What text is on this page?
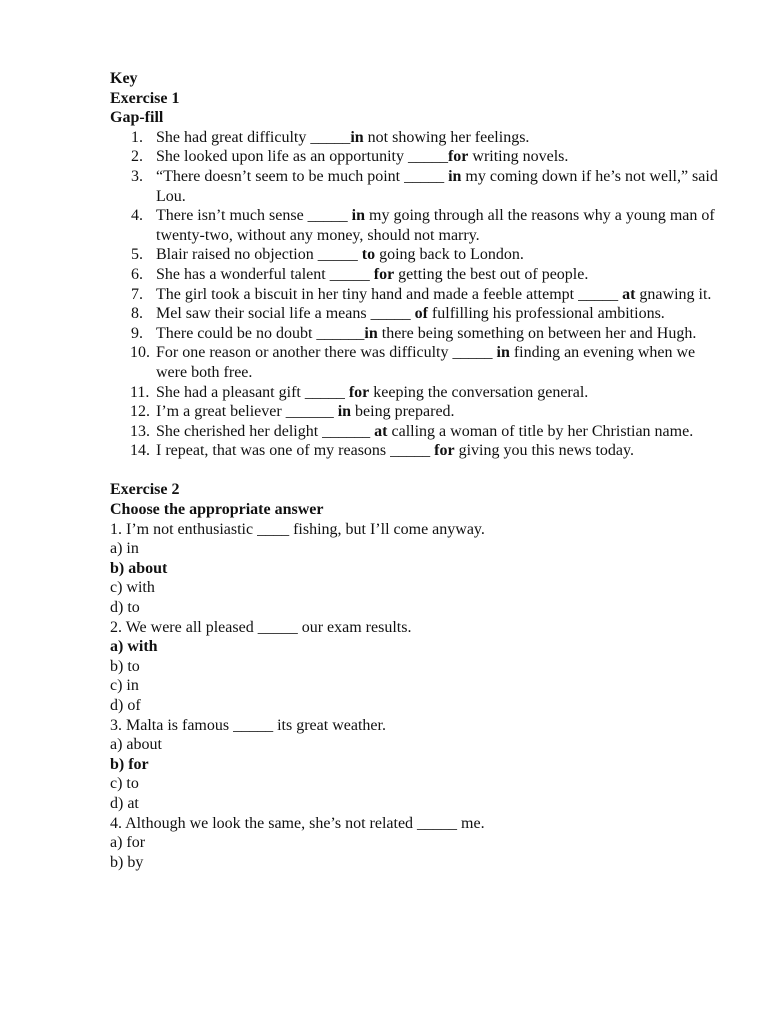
Key
Exercise 1
Gap-fill
1. She had great difficulty _____in not showing her feelings.
2. She looked upon life as an opportunity _____for writing novels.
3. “There doesn’t seem to be much point _____ in my coming down if he’s not well,” said Lou.
4. There isn’t much sense _____ in my going through all the reasons why a young man of twenty-two, without any money, should not marry.
5. Blair raised no objection _____ to going back to London.
6. She has a wonderful talent _____ for getting the best out of people.
7. The girl took a biscuit in her tiny hand and made a feeble attempt _____ at gnawing it.
8. Mel saw their social life a means _____ of fulfilling his professional ambitions.
9. There could be no doubt ______in there being something on between her and Hugh.
10. For one reason or another there was difficulty _____ in finding an evening when we were both free.
11. She had a pleasant gift _____ for keeping the conversation general.
12. I’m a great believer ______ in being prepared.
13. She cherished her delight ______ at calling a woman of title by her Christian name.
14. I repeat, that was one of my reasons _____ for giving you this news today.
Exercise 2
Choose the appropriate answer
1. I’m not enthusiastic ____ fishing, but I’ll come anyway.
a) in
b) about
c) with
d) to
2. We were all pleased _____ our exam results.
a) with
b) to
c) in
d) of
3. Malta is famous _____ its great weather.
a) about
b) for
c) to
d) at
4. Although we look the same, she’s not related _____ me.
a) for
b) by
